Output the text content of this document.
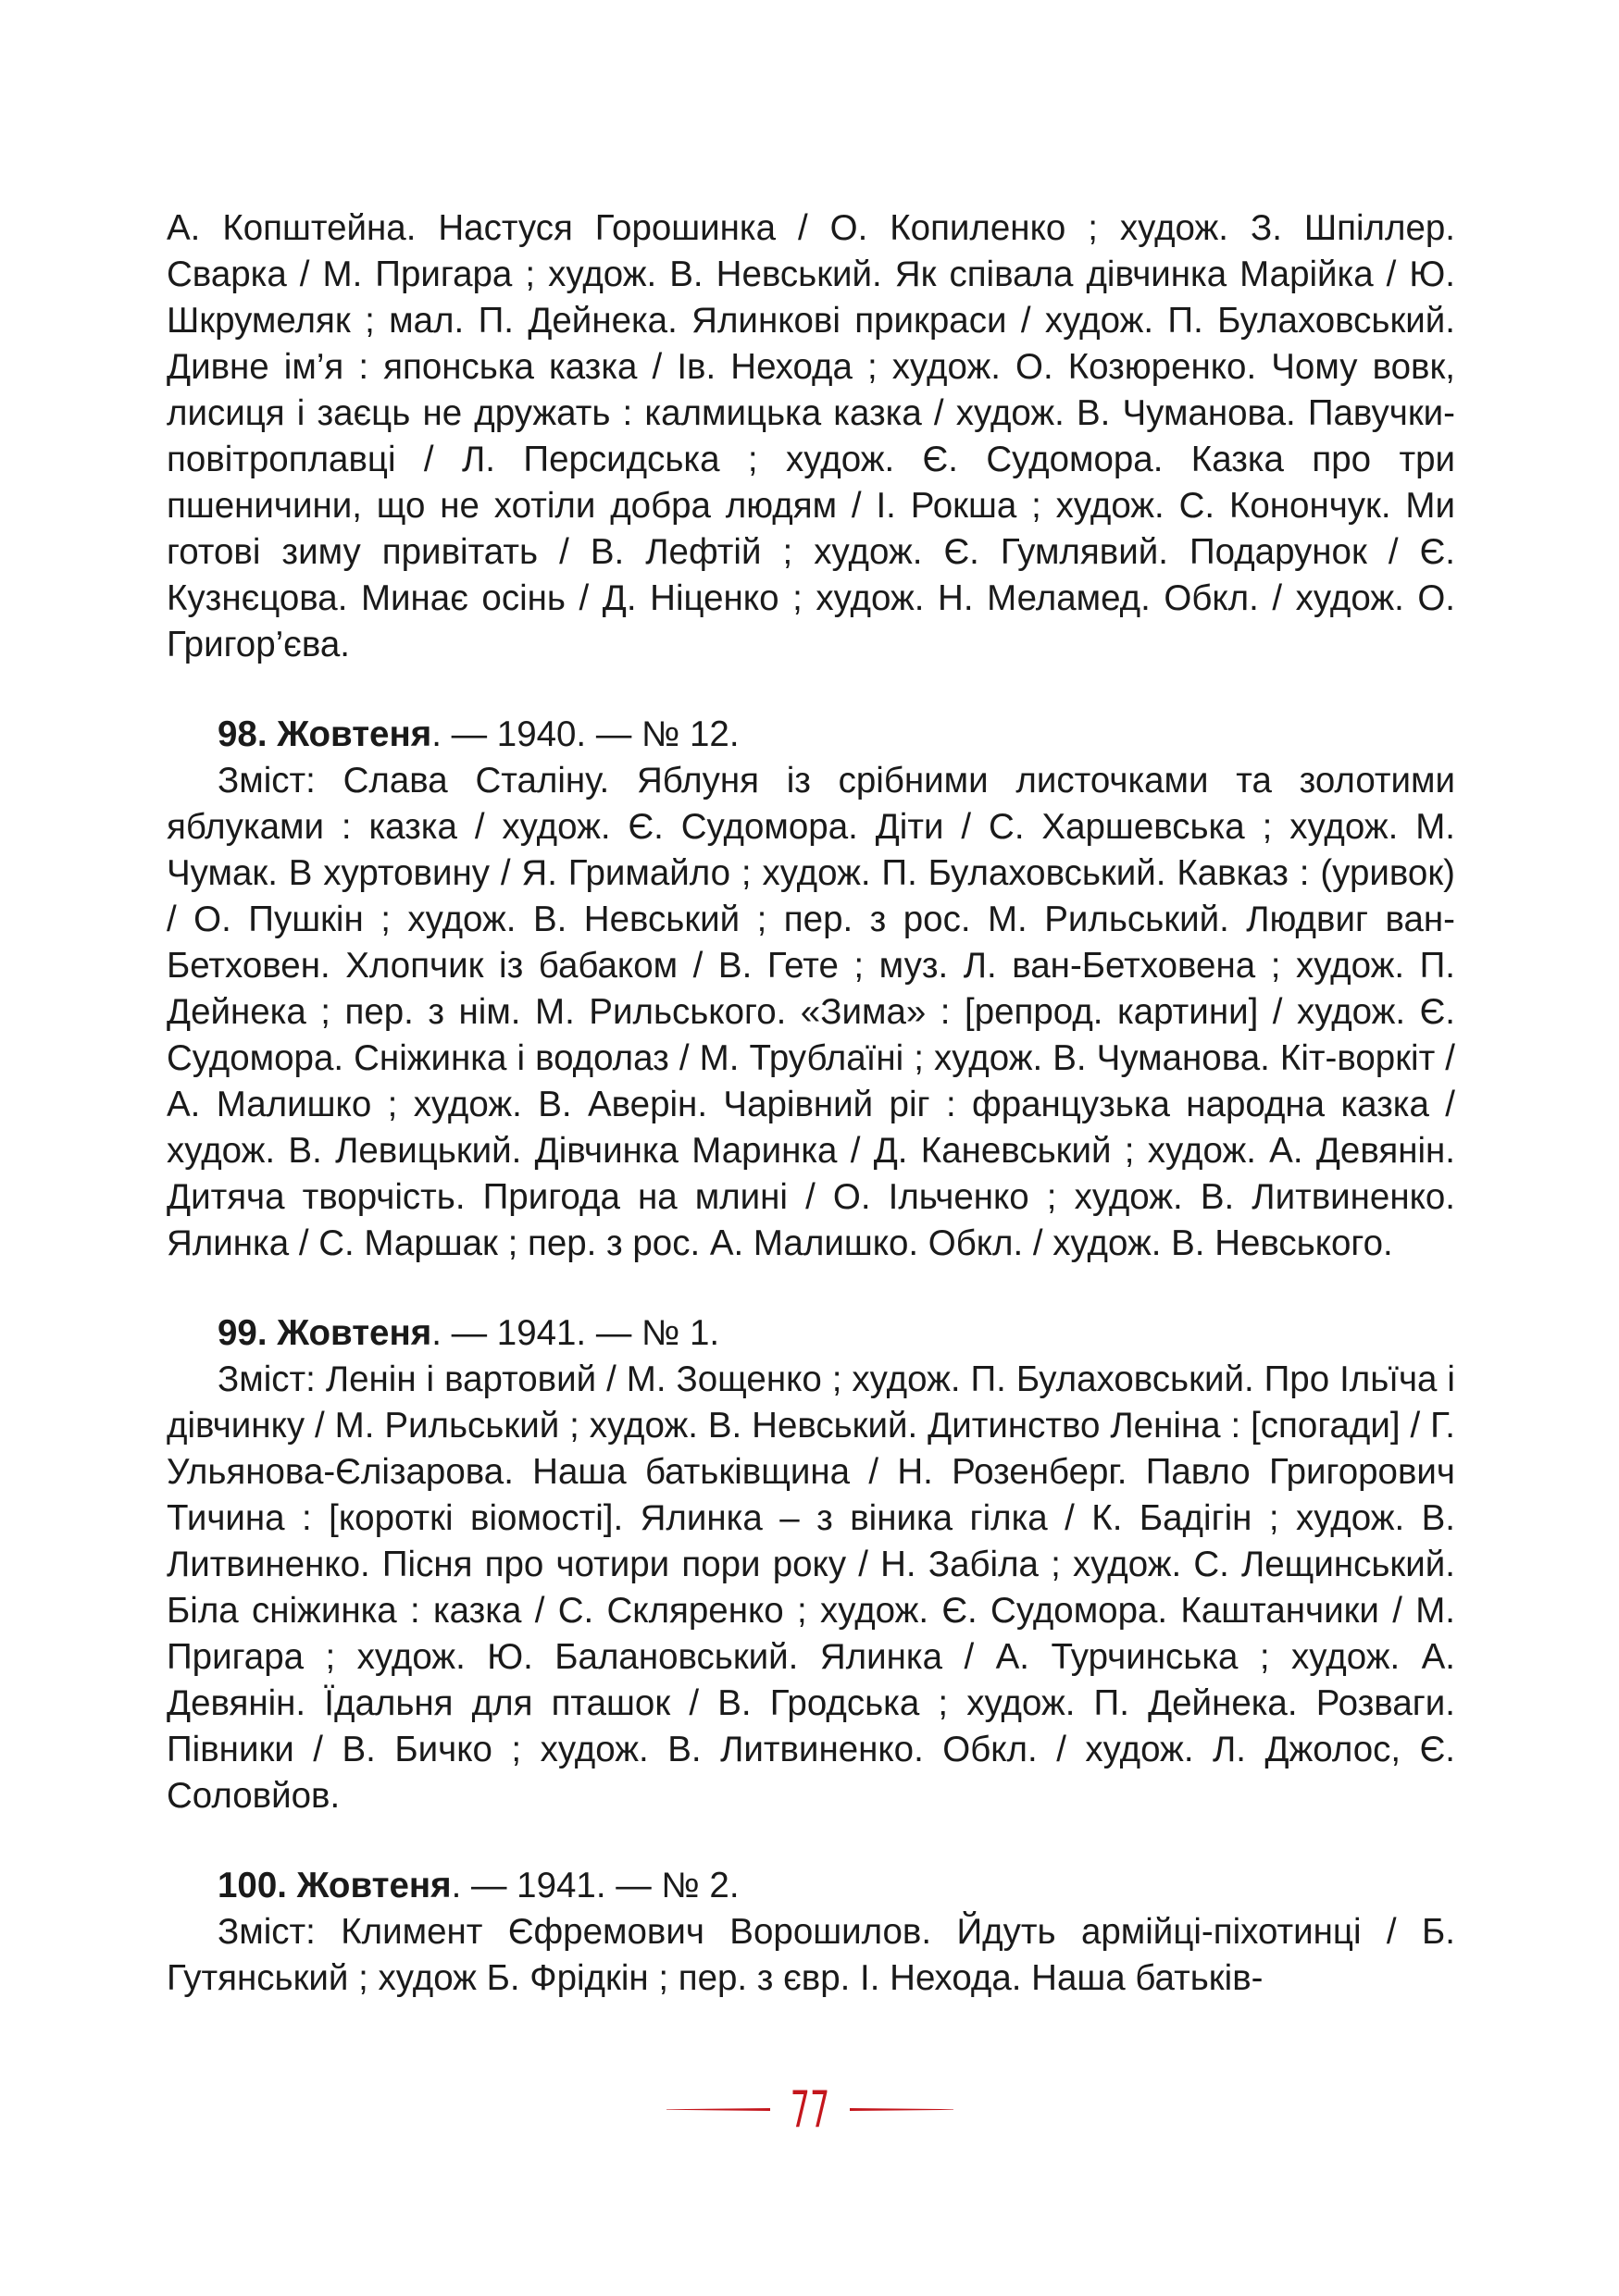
А. Копштейна. Настуся Горошинка / О. Копиленко ; худож. З. Шпіллер. Сварка / М. Пригара ; худож. В. Невський. Як співала дівчинка Марійка / Ю. Шкрумеляк ; мал. П. Дейнека. Ялинкові прикраси / худож. П. Булаховський. Дивне ім’я : японська казка / Ів. Нехода ; худож. О. Козюренко. Чому вовк, лисиця і заєць не дружать : калмицька казка / худож. В. Чуманова. Павучки-повітроплавці / Л. Персидська ; худож. Є. Судомора. Казка про три пшеничини, що не хотіли добра людям / І. Рокша ; худож. С. Конончук. Ми готові зиму привітать / В. Лефтій ; худож. Є. Гумлявий. Подарунок / Є. Кузнєцова. Минає осінь / Д. Ніценко ; худож. Н. Меламед. Обкл. / худож. О. Григор’єва.

98. Жовтеня. — 1940. — № 12.

Зміст: Слава Сталіну. Яблуня із срібними листочками та золотими яблуками : казка / худож. Є. Судомора. Діти / С. Харшевська ; худож. М. Чумак. В хуртовину / Я. Гримайло ; худож. П. Булаховський. Кавказ : (уривок) / О. Пушкін ; худож. В. Невський ; пер. з рос. М. Рильський. Людвиг ван-Бетховен. Хлопчик із бабаком / В. Гете ; муз. Л. ван-Бетховена ; худож. П. Дейнека ; пер. з нім. М. Рильського. «Зима» : [репрод. картини] / худож. Є. Судомора. Сніжинка і водолаз / М. Трублаїні ; худож. В. Чуманова. Кіт-воркіт / А. Малишко ; худож. В. Аверін. Чарівний ріг : французька народна казка / худож. В. Левицький. Дівчинка Маринка / Д. Каневський ; худож. А. Девянін. Дитяча творчість. Пригода на млині / О. Ільченко ; худож. В. Литвиненко. Ялинка / С. Маршак ; пер. з рос. А. Малишко. Обкл. / худож. В. Невського.

99. Жовтеня. — 1941. — № 1.

Зміст: Ленін і вартовий / М. Зощенко ; худож. П. Булаховський. Про Ільїча і дівчинку / М. Рильський ; худож. В. Невський. Дитинство Леніна : [спогади] / Г. Ульянова-Єлізарова. Наша батьківщина / Н. Розенберг. Павло Григорович Тичина : [короткі віомості]. Ялинка – з віника гілка / К. Бадігін ; худож. В. Литвиненко. Пісня про чотири пори року / Н. Забіла ; худож. С. Лещинський. Біла сніжинка : казка / С. Скляренко ; худож. Є. Судомора. Каштанчики / М. Пригара ; худож. Ю. Балановський. Ялинка / А. Турчинська ; худож. А. Девянін. Їдальня для пташок / В. Гродська ; худож. П. Дейнека. Розваги. Півники / В. Бичко ; худож. В. Литвиненко. Обкл. / худож. Л. Джолос, Є. Соловйов.

100. Жовтеня. — 1941. — № 2.

Зміст: Климент Єфремович Ворошилов. Йдуть армійці-піхотинці / Б. Гутянський ; худож Б. Фрідкін ; пер. з євр. І. Нехода. Наша батьків-

77
